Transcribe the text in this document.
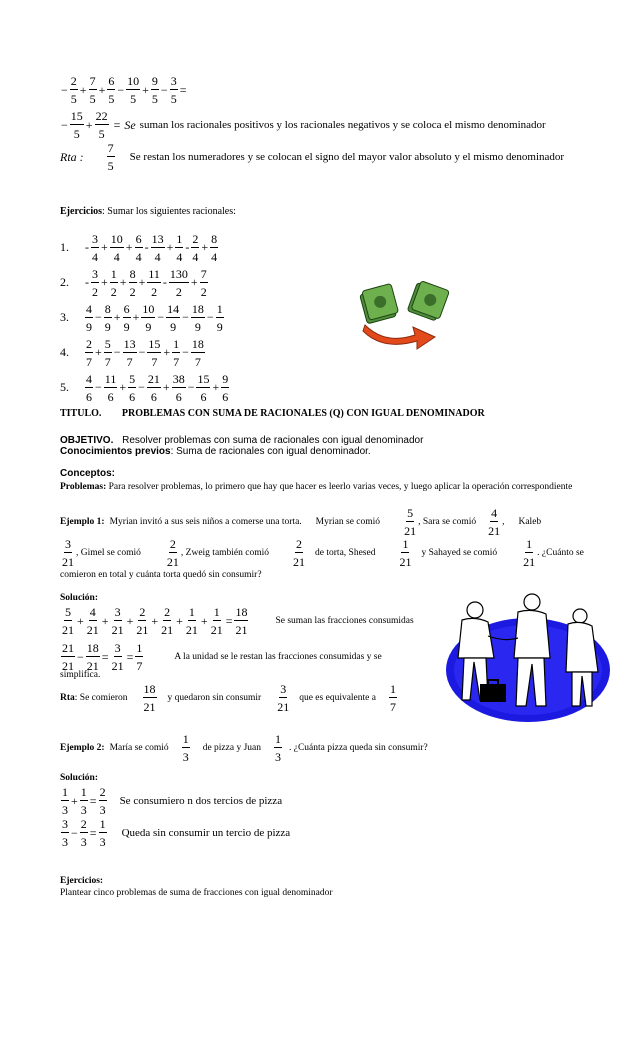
− $\frac{2}{5} + \frac{7}{5} + \frac{6}{5} - \frac{10}{5} + \frac{9}{5} - \frac{3}{5}$ =
− $\frac{15}{5} + \frac{22}{5} = Se$ suman los racionales positivos y los racionales negativos y se coloca el mismo denominador
Rta :
7
5
Se restan los numeradores y se colocan el signo del mayor valor absoluto y el mismo denominador
Ejercicios: Sumar los siguientes racionales:
1.	- $\frac{3}{4} + \frac{10}{4} + \frac{6}{4} - \frac{13}{4} + \frac{1}{4} - \frac{2}{4} + \frac{8}{4}$
2.	- $\frac{3}{2} + \frac{1}{2} + \frac{8}{2} + \frac{11}{2} - \frac{130}{2} + \frac{7}{2}$
3.	$\frac{4}{9} - \frac{8}{9} + \frac{6}{9} + \frac{10}{9} - \frac{14}{9} - \frac{18}{9} - \frac{1}{9}$
4.	$\frac{2}{7} + \frac{5}{7} - \frac{13}{7} - \frac{15}{7} + \frac{1}{7} - \frac{18}{7}$
5.	$\frac{4}{6} - \frac{11}{6} + \frac{5}{6} - \frac{21}{6} + \frac{38}{6} - \frac{15}{6} + \frac{9}{6}$
TITULO. PROBLEMAS CON SUMA DE RACIONALES (Q) CON IGUAL DENOMINADOR
OBJETIVO. Resolver problemas con suma de racionales con igual denominador
Conocimientos previos: Suma de racionales con igual denominador.
Conceptos:
Problemas: Para resolver problemas, lo primero que hay que hacer es leerlo varias veces, y luego aplicar la operación correspondiente
Ejemplo 1: Myrian invitó a sus seis niños a comerse una torta. Myrian se comió
5
21
, Sara se comió
4
21
, Kaleb
3
21
, Gimel se comió
2
21
, Zweig también comió
2
21
de torta, Shesed
1
21
y Sahayed se comió
1
21
. ¿Cuánto se
comieron en total y cuánta torta quedó sin consumir?
Solución:
$\frac{5}{21} + \frac{4}{21} + \frac{3}{21} + \frac{2}{21} + \frac{2}{21} + \frac{1}{21} + \frac{1}{21} = \frac{18}{21}$	Se suman las fracciones consumidas
21
21
− $\frac{18}{21} = \frac{3}{21} = \frac{1}{7}$	A la unidad se le restan las fracciones consumidas y se
simplifica.
Rta : Se comieron
18
21
y quedaron sin consumir
3
21
que es equivalente a
1
7
Ejemplo 2: María se comió
1
3
de pizza y Juan
1
3
. ¿Cuánta pizza queda sin consumir?
Solución:
1
3
+ $\frac{1}{3} = \frac{2}{3}$ Se consumiero n dos tercios de pizza
3
3
− $\frac{2}{3} = \frac{1}{3}$ Queda sin consumir un tercio de pizza
Ejercicios:
Plantear cinco problemas de suma de fracciones con igual denominador
